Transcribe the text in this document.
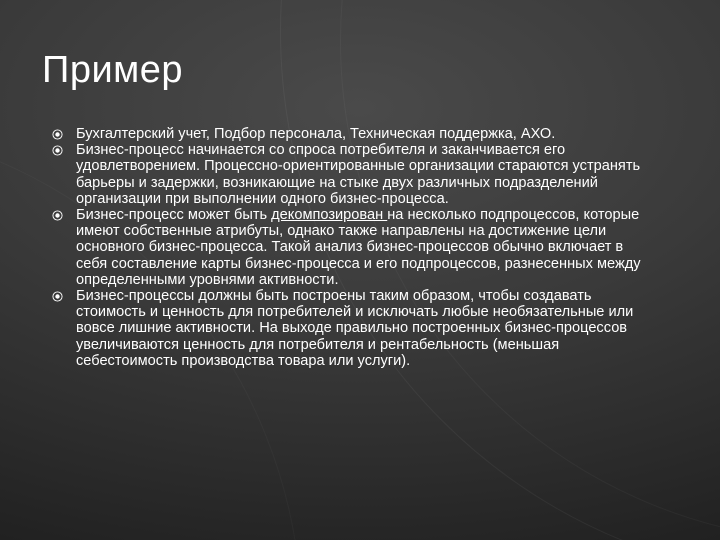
Пример
Бухгалтерский учет, Подбор персонала, Техническая поддержка, АХО.
Бизнес-процесс начинается со спроса потребителя и заканчивается его удовлетворением. Процессно-ориентированные организации стараются устранять барьеры и задержки, возникающие на стыке двух различных подразделений организации при выполнении одного бизнес-процесса.
Бизнес-процесс может быть декомпозирован на несколько подпроцессов, которые имеют собственные атрибуты, однако также направлены на достижение цели основного бизнес-процесса. Такой анализ бизнес-процессов обычно включает в себя составление карты бизнес-процесса и его подпроцессов, разнесенных между определенными уровнями активности.
Бизнес-процессы должны быть построены таким образом, чтобы создавать стоимость и ценность для потребителей и исключать любые необязательные или вовсе лишние активности. На выходе правильно построенных бизнес-процессов увеличиваются ценность для потребителя и рентабельность (меньшая себестоимость производства товара или услуги).
